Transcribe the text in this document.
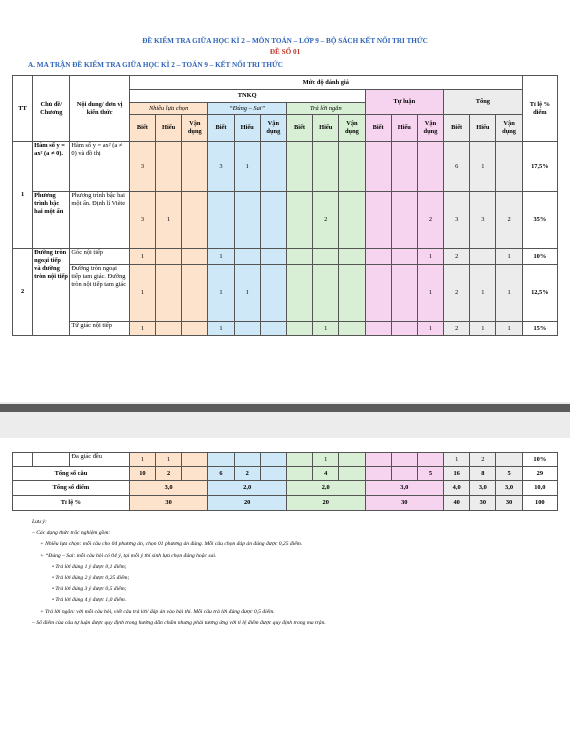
ĐỀ KIỂM TRA GIỮA HỌC KÌ 2 – MÔN TOÁN – LỚP 9 – BỘ SÁCH KẾT NỐI TRI THỨC
ĐỀ SỐ 01
A. MA TRẬN ĐỀ KIỂM TRA GIỮA HỌC KÌ 2 – TOÁN 9 – KẾT NỐI TRI THỨC
TT	Chủ đề/ Chương	Nội dung/ đơn vị kiến thức	Mức độ đánh giá															Tỉ lệ % điểm
			TNKQ									Tự luận			Tổng			
			Nhiều lựa chọn			“Đúng – Sai”			Trả lời ngắn									
			Biết	Hiểu	Vận dụng	Biết	Hiểu	Vận dụng	Biết	Hiểu	Vận dụng	Biết	Hiểu	Vận dụng	Biết	Hiểu	Vận dụng	
1	Hàm số y = ax² (a ≠ 0).	Hàm số y = ax² (a ≠ 0) và đồ thị	3			3	1								6	1		17,5%
	Phương trình bậc hai một ẩn	Phương trình bậc hai một ẩn. Định lí Viète	3	1						2				2	3	3	2	35%
2	Đường tròn ngoại tiếp và đường tròn nội tiếp	Góc nội tiếp	1			1								1	2		1	10%
		Đường tròn ngoại tiếp tam giác. Đường tròn nội tiếp tam giác	1			1	1							1	2	1	1	12,5%
		Tứ giác nội tiếp	1			1				1				1	2	1	1	15%
		Đa giác đều	1	1						1					1	2		10%
Tổng số câu			10	2		6	2			4				5	16	8	5	29
Tổng số điểm			3,0			2,0			2,0			3,0			4,0	3,0	3,0	10,0
Tỉ lệ %			30			20			20			30			40	30	30	100
Lưu ý:
– Các dạng thức trắc nghiệm gồm:
+ Nhiều lựa chọn: mỗi câu cho 04 phương án, chọn 01 phương án đúng. Mỗi câu chọn đáp án đúng được 0,25 điểm.
+ “Đúng – Sai: mỗi câu hỏi có 04 ý, tại mỗi ý thí sinh lựa chọn đúng hoặc sai.
• Trả lời đúng 1 ý được 0,1 điểm;
• Trả lời đúng 2 ý được 0,25 điểm;
• Trả lời đúng 3 ý được 0,5 điểm;
• Trả lời đúng 4 ý được 1,0 điểm.
+ Trả lời ngắn: với mỗi câu hỏi, viết câu trả lời/ đáp án vào bài thi. Mỗi câu trả lời đúng được 0,5 điểm.
– Số điểm của câu tự luận được quy định trong hướng dẫn chấm nhưng phải tương ứng với tỉ lệ điểm được quy định trong ma trận.
